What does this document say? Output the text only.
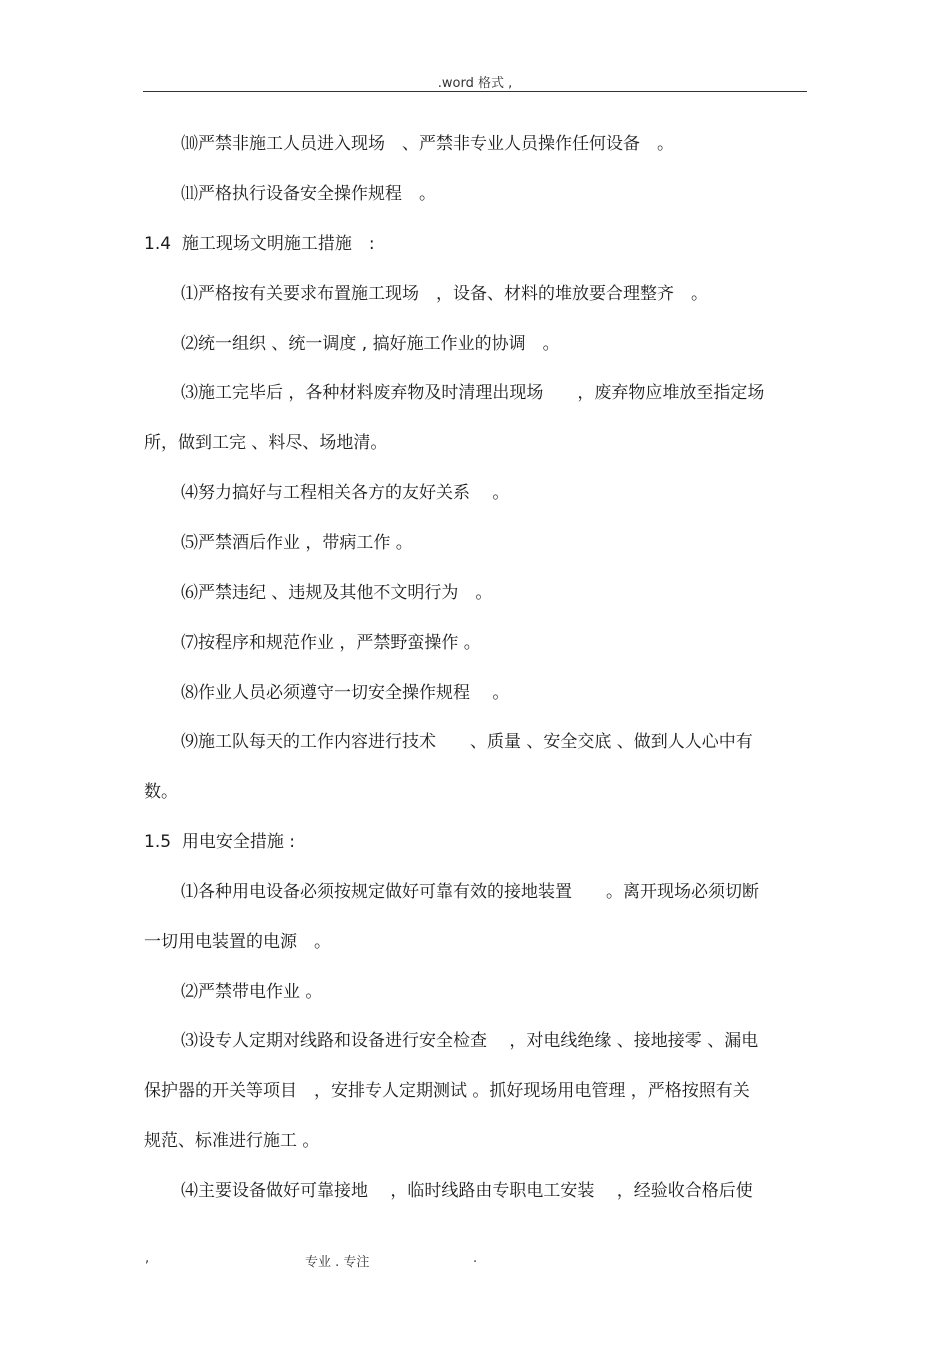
.word 格式 ,
⑽严禁非施工人员进入现场　、严禁非专业人员操作任何设备　。
⑾严格执行设备安全操作规程　。
1.4  施工现场文明施工措施　:
⑴严格按有关要求布置施工现场　，设备、材料的堆放要合理整齐　。
⑵统一组织 、统一调度 , 搞好施工作业的协调　。
⑶施工完毕后 ，各种材料废弃物及时清理出现场　　，废弃物应堆放至指定场
所，做到工完 、料尽、场地清。
⑷努力搞好与工程相关各方的友好关系　 。
⑸严禁酒后作业 ，带病工作 。
⑹严禁违纪 、违规及其他不文明行为　。
⑺按程序和规范作业 ，严禁野蛮操作 。
⑻作业人员必须遵守一切安全操作规程　 。
⑼施工队每天的工作内容进行技术　　、质量 、安全交底 、做到人人心中有
数。
1.5  用电安全措施 :
⑴各种用电设备必须按规定做好可靠有效的接地装置　　。离开现场必须切断
一切用电装置的电源　。
⑵严禁带电作业 。
⑶设专人定期对线路和设备进行安全检查　 ，对电线绝缘 、接地接零 、漏电
保护器的开关等项目　，安排专人定期测试 。抓好现场用电管理 ，严格按照有关
规范、标准进行施工 。
⑷主要设备做好可靠接地　 ，临时线路由专职电工安装　 ，经验收合格后使
,	专业 . 专注	.
